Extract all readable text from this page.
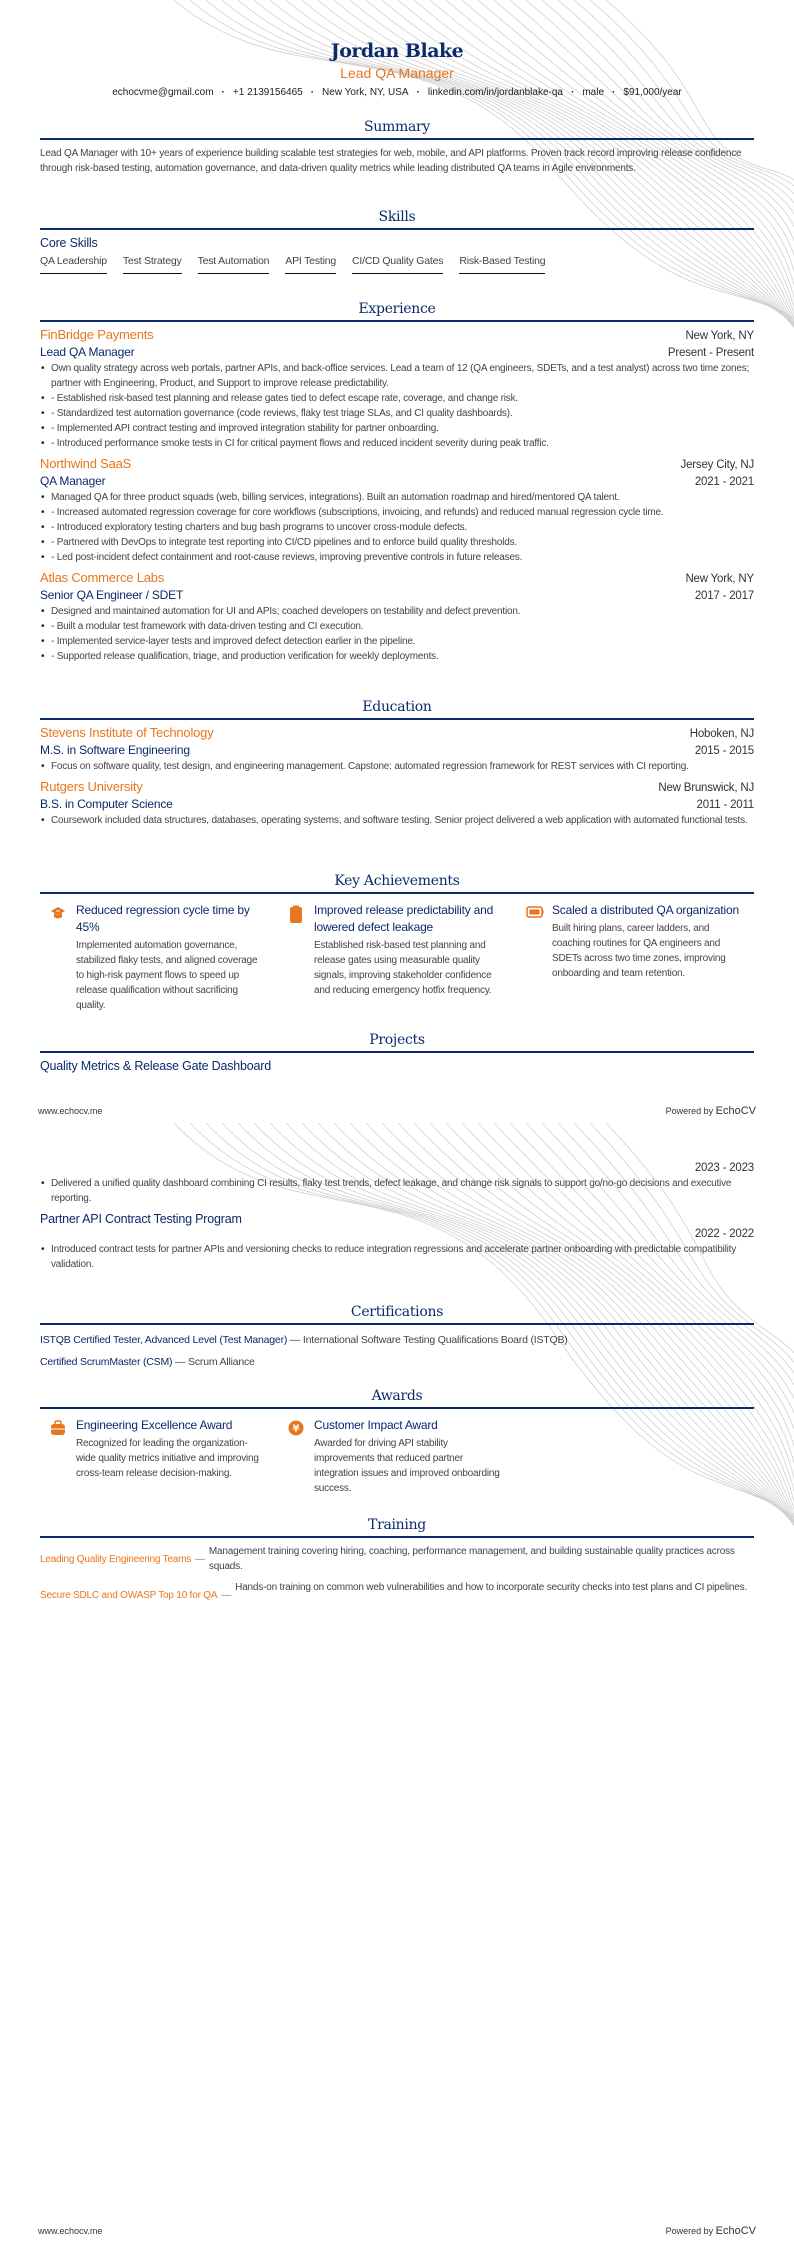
Jordan Blake
Lead QA Manager
echocvme@gmail.com · +1 2139156465 · New York, NY, USA · linkedin.com/in/jordanblake-qa · male · $91,000/year
Summary

Lead QA Manager with 10+ years of experience building scalable test strategies for web, mobile, and API platforms. Proven track record improving release confidence through risk-based testing, automation governance, and data-driven quality metrics while leading distributed QA teams in Agile environments.

Skills
Core Skills
QA Leadership Test Strategy Test Automation API Testing CI/CD Quality Gates Risk-Based Testing
Experience
FinBridge Payments	New York, NY
Lead QA Manager	Present - Present
• Own quality strategy across web portals, partner APIs, and back-office services. Lead a team of 12 (QA engineers, SDETs, and a test analyst) across two time zones; partner with Engineering, Product, and Support to improve release predictability.
• - Established risk-based test planning and release gates tied to defect escape rate, coverage, and change risk.
• - Standardized test automation governance (code reviews, flaky test triage SLAs, and CI quality dashboards).
• - Implemented API contract testing and improved integration stability for partner onboarding.
• - Introduced performance smoke tests in CI for critical payment flows and reduced incident severity during peak traffic.
Northwind SaaS	Jersey City, NJ
QA Manager	2021 - 2021
• Managed QA for three product squads (web, billing services, integrations). Built an automation roadmap and hired/mentored QA talent.
• - Increased automated regression coverage for core workflows (subscriptions, invoicing, and refunds) and reduced manual regression cycle time.
• - Introduced exploratory testing charters and bug bash programs to uncover cross-module defects.
• - Partnered with DevOps to integrate test reporting into CI/CD pipelines and to enforce build quality thresholds.
• - Led post-incident defect containment and root-cause reviews, improving preventive controls in future releases.
Atlas Commerce Labs	New York, NY
Senior QA Engineer / SDET	2017 - 2017
• Designed and maintained automation for UI and APIs; coached developers on testability and defect prevention.
• - Built a modular test framework with data-driven testing and CI execution.
• - Implemented service-layer tests and improved defect detection earlier in the pipeline.
• - Supported release qualification, triage, and production verification for weekly deployments.
Education
Stevens Institute of Technology	Hoboken, NJ
M.S. in Software Engineering	2015 - 2015
• Focus on software quality, test design, and engineering management. Capstone: automated regression framework for REST services with CI reporting.
Rutgers University	New Brunswick, NJ
B.S. in Computer Science	2011 - 2011
• Coursework included data structures, databases, operating systems, and software testing. Senior project delivered a web application with automated functional tests.
Key Achievements
Reduced regression cycle time by 45%
Implemented automation governance, stabilized flaky tests, and aligned coverage to high-risk payment flows to speed up release qualification without sacrificing quality.
Improved release predictability and lowered defect leakage
Established risk-based test planning and release gates using measurable quality signals, improving stakeholder confidence and reducing emergency hotfix frequency.
Scaled a distributed QA organization
Built hiring plans, career ladders, and coaching routines for QA engineers and SDETs across two time zones, improving onboarding and team retention.
Projects
Quality Metrics & Release Gate Dashboard
www.echocv.me	Powered by EchoCV
2023 - 2023
• Delivered a unified quality dashboard combining CI results, flaky test trends, defect leakage, and change risk signals to support go/no-go decisions and executive reporting.
Partner API Contract Testing Program
2022 - 2022
• Introduced contract tests for partner APIs and versioning checks to reduce integration regressions and accelerate partner onboarding with predictable compatibility validation.
Certifications
ISTQB Certified Tester, Advanced Level (Test Manager) — International Software Testing Qualifications Board (ISTQB)
Certified ScrumMaster (CSM) — Scrum Alliance
Awards
Engineering Excellence Award
Recognized for leading the organization-wide quality metrics initiative and improving cross-team release decision-making.
¥ Customer Impact Award
Awarded for driving API stability improvements that reduced partner integration issues and improved onboarding success.
Training
Leading Quality Engineering Teams —
Management training covering hiring, coaching, performance management, and building sustainable quality practices across squads.
Secure SDLC and OWASP Top 10 for QA —
Hands-on training on common web vulnerabilities and how to incorporate security checks into test plans and CI pipelines.
www.echocv.me	Powered by EchoCV
